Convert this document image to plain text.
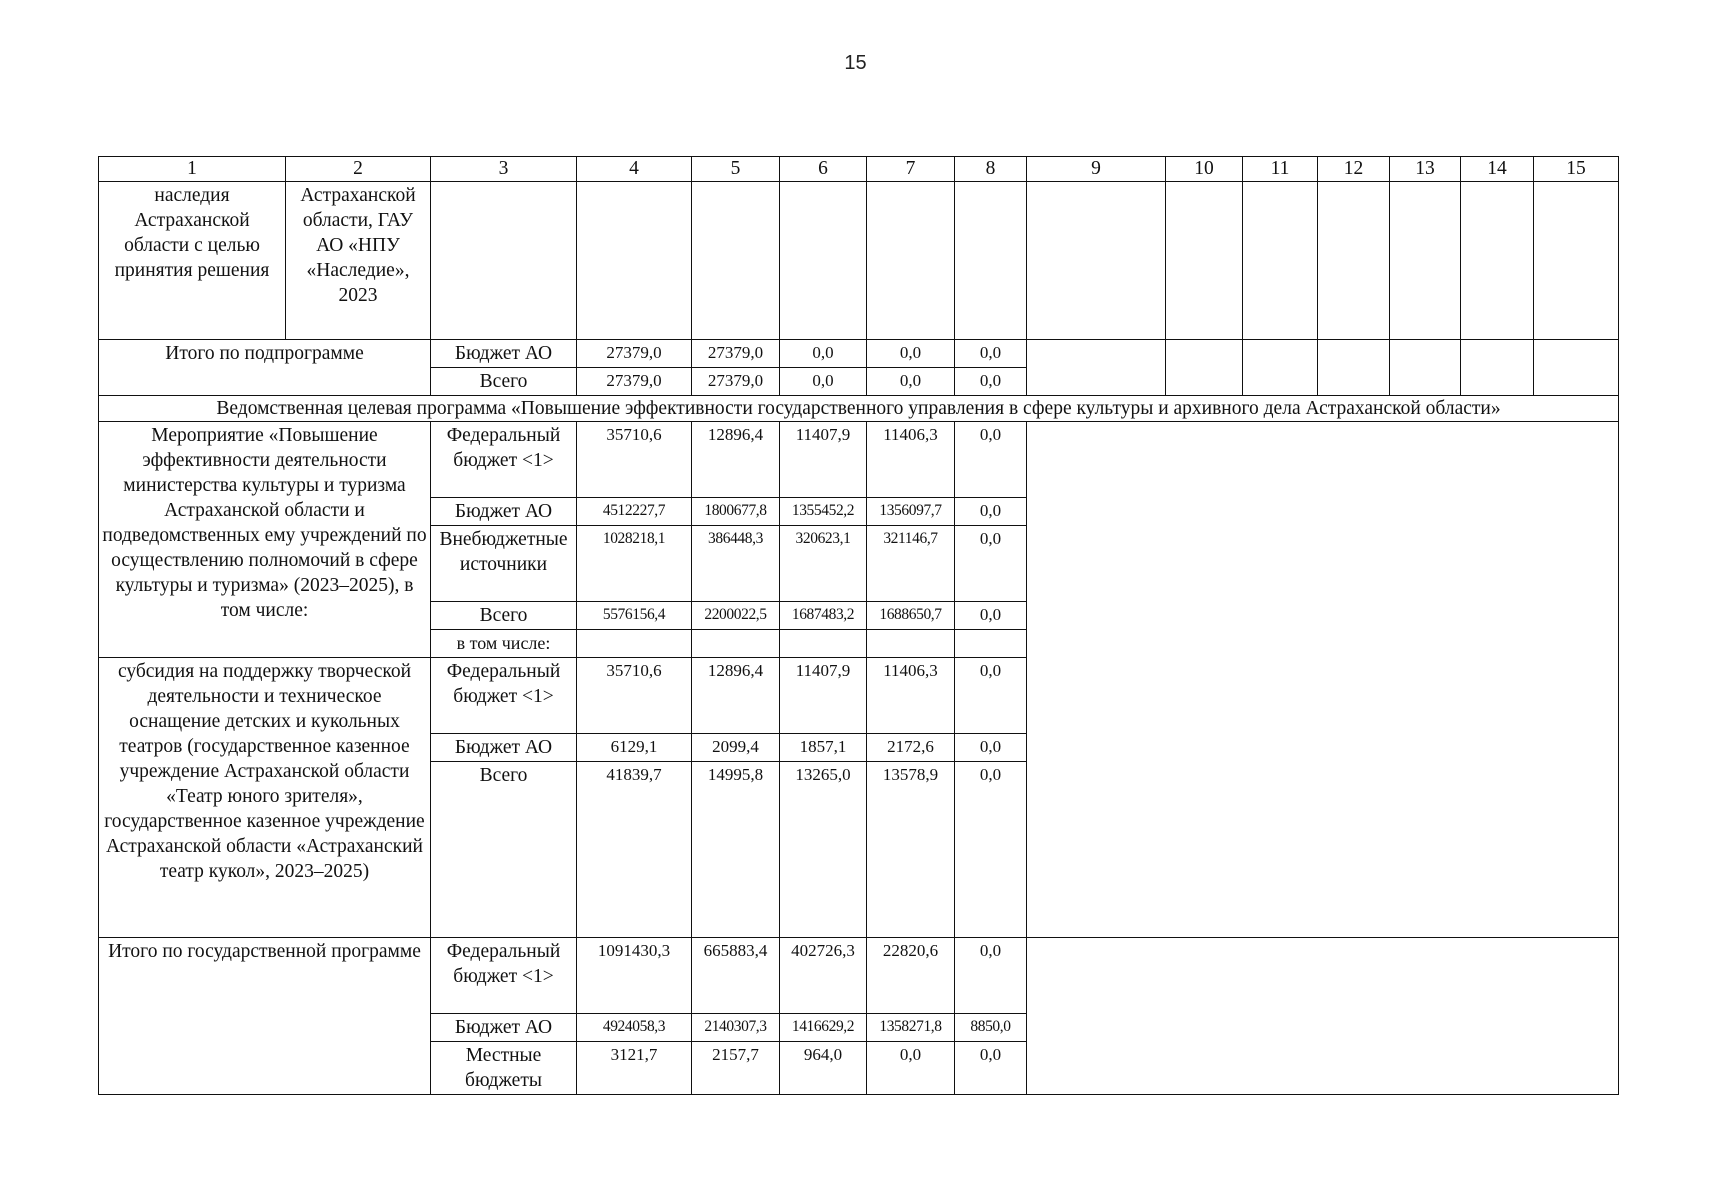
15
1	2	3	4	5	6	7	8	9	10	11	12	13	14	15
наследия Астраханской области с целью принятия решения	Астраханской области, ГАУ АО «НПУ «Наследие», 2023													
Итого по подпрограмме		Бюджет АО	27379,0	27379,0	0,0	0,0	0,0							
		Всего	27379,0	27379,0	0,0	0,0	0,0							
Ведомственная целевая программа «Повышение эффективности государственного управления в сфере культуры и архивного дела Астраханской области»														
Мероприятие «Повышение эффективности деятельности министерства культуры и туризма Астраханской области и подведомственных ему учреждений по осуществлению полномочий в сфере культуры и туризма» (2023–2025), в том числе:		Федеральный бюджет <1>	35710,6	12896,4	11407,9	11406,3	0,0							
		Бюджет АО	4512227,7	1800677,8	1355452,2	1356097,7	0,0							
		Внебюджетные источники	1028218,1	386448,3	320623,1	321146,7	0,0							
		Всего	5576156,4	2200022,5	1687483,2	1688650,7	0,0							
		в том числе:												
субсидия на поддержку творческой деятельности и техническое оснащение детских и кукольных театров (государственное казенное учреждение Астраханской области «Театр юного зрителя», государственное казенное учреждение Астраханской области «Астраханский театр кукол», 2023–2025)		Федеральный бюджет <1>	35710,6	12896,4	11407,9	11406,3	0,0							
		Бюджет АО	6129,1	2099,4	1857,1	2172,6	0,0							
		Всего	41839,7	14995,8	13265,0	13578,9	0,0							
Итого по государственной программе		Федеральный бюджет <1>	1091430,3	665883,4	402726,3	22820,6	0,0							
		Бюджет АО	4924058,3	2140307,3	1416629,2	1358271,8	8850,0							
		Местные бюджеты	3121,7	2157,7	964,0	0,0	0,0							
